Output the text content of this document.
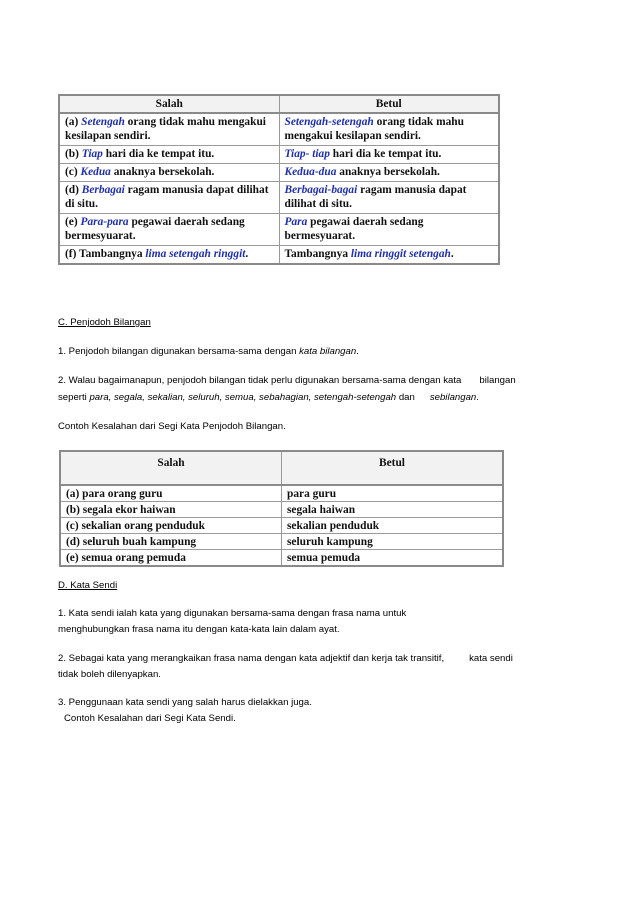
Salah	Betul
(a) Setengah orang tidak mahu mengakui kesilapan sendiri.	Setengah-setengah orang tidak mahu mengakui kesilapan sendiri.
(b) Tiap hari dia ke tempat itu.	Tiap- tiap hari dia ke tempat itu.
(c) Kedua anaknya bersekolah.	Kedua-dua anaknya bersekolah.
(d) Berbagai ragam manusia dapat dilihat di situ.	Berbagai-bagai ragam manusia dapat dilihat di situ.
(e) Para-para pegawai daerah sedang bermesyuarat.	Para pegawai daerah sedang bermesyuarat.
(f) Tambangnya lima setengah ringgit.	Tambangnya lima ringgit setengah.
C. Penjodoh Bilangan
1. Penjodoh bilangan digunakan bersama-sama dengan kata bilangan.
2. Walau bagaimanapun, penjodoh bilangan tidak perlu digunakan bersama-sama dengan kata bilangan
seperti para, segala, sekalian, seluruh, semua, sebahagian, setengah-setengah dan sebilangan.
Contoh Kesalahan dari Segi Kata Penjodoh Bilangan.
Salah	Betul
(a) para orang guru	para guru
(b) segala ekor haiwan	segala haiwan
(c) sekalian orang penduduk	sekalian penduduk
(d) seluruh buah kampung	seluruh kampung
(e) semua orang pemuda	semua pemuda
D. Kata Sendi
1. Kata sendi ialah kata yang digunakan bersama-sama dengan frasa nama untuk
menghubungkan frasa nama itu dengan kata-kata lain dalam ayat.
2. Sebagai kata yang merangkaikan frasa nama dengan kata adjektif dan kerja tak transitif,	kata sendi
tidak boleh dilenyapkan.
3. Penggunaan kata sendi yang salah harus dielakkan juga.
Contoh Kesalahan dari Segi Kata Sendi.
